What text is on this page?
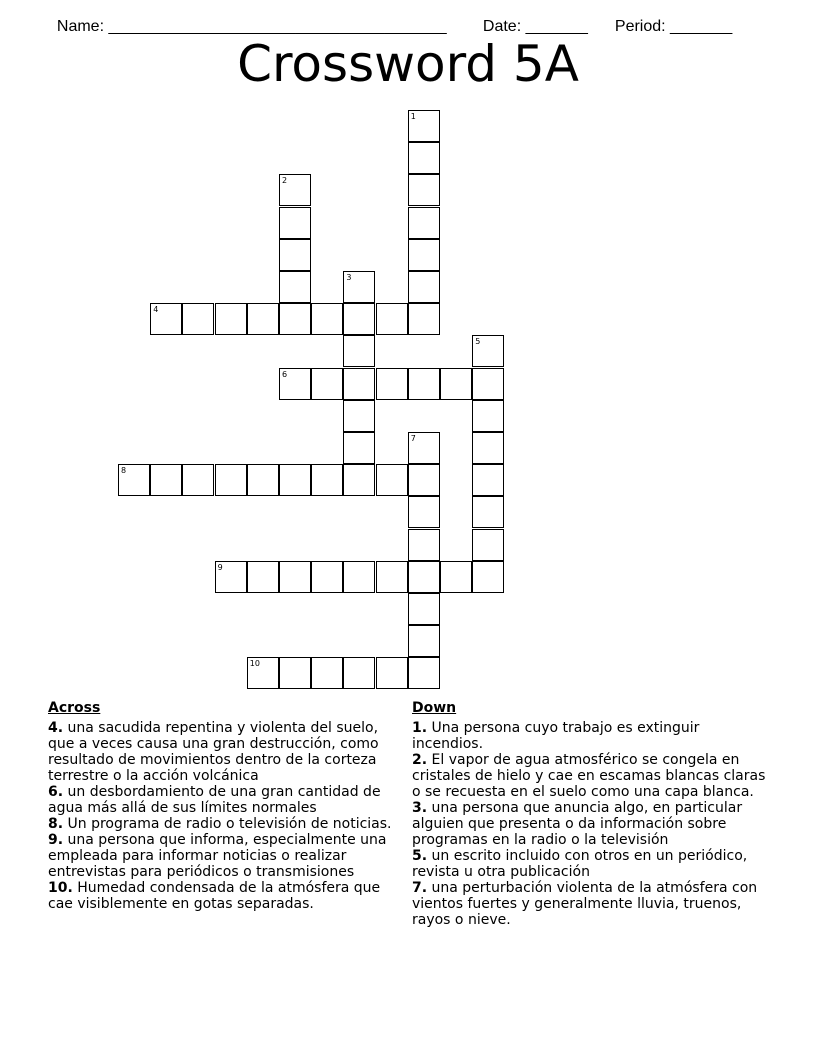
Name: ______________________________________	Date: _______	Period: _______

Crossword 5A
1
2
3
4
5
6
7
8
9
10
Across
4. una sacudida repentina y violenta del suelo, que a veces causa una gran destrucción, como resultado de movimientos dentro de la corteza terrestre o la acción volcánica
6. un desbordamiento de una gran cantidad de agua más allá de sus límites normales
8. Un programa de radio o televisión de noticias.
9. una persona que informa, especialmente una empleada para informar noticias o realizar entrevistas para periódicos o transmisiones
10. Humedad condensada de la atmósfera que cae visiblemente en gotas separadas.
Down
1. Una persona cuyo trabajo es extinguir incendios.
2. El vapor de agua atmosférico se congela en cristales de hielo y cae en escamas blancas claras o se recuesta en el suelo como una capa blanca.
3. una persona que anuncia algo, en particular alguien que presenta o da información sobre programas en la radio o la televisión
5. un escrito incluido con otros en un periódico, revista u otra publicación
7. una perturbación violenta de la atmósfera con vientos fuertes y generalmente lluvia, truenos, rayos o nieve.
